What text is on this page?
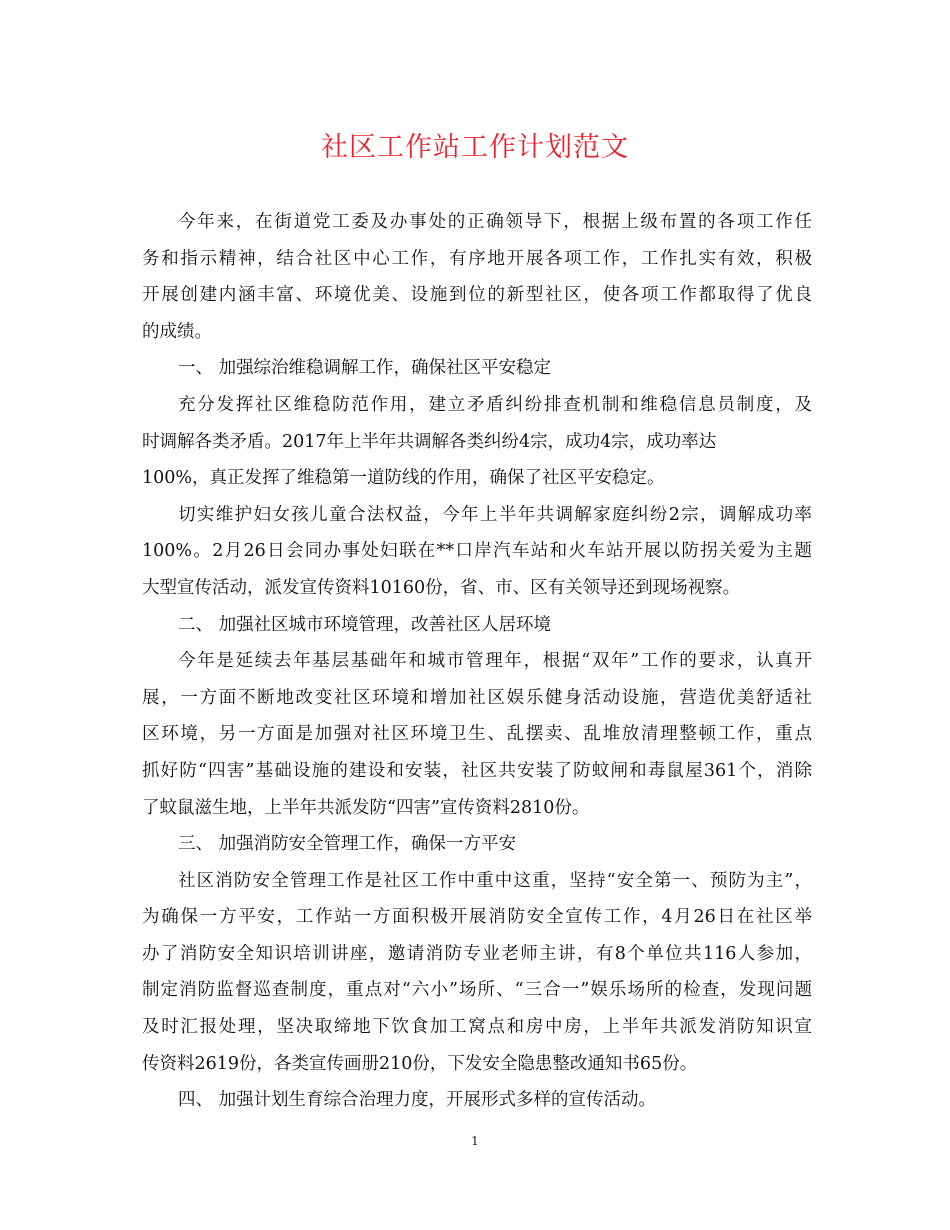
社区工作站工作计划范文
今年来，在街道党工委及办事处的正确领导下，根据上级布置的各项工作任
务和指示精神，结合社区中心工作，有序地开展各项工作，工作扎实有效，积极
开展创建内涵丰富、环境优美、设施到位的新型社区，使各项工作都取得了优良
的成绩。
一、 加强综治维稳调解工作，确保社区平安稳定
充分发挥社区维稳防范作用，建立矛盾纠纷排查机制和维稳信息员制度，及
时调解各类矛盾。2017年上半年共调解各类纠纷4宗，成功4宗，成功率达
100%，真正发挥了维稳第一道防线的作用，确保了社区平安稳定。
切实维护妇女孩儿童合法权益，今年上半年共调解家庭纠纷2宗，调解成功率
100%。2月26日会同办事处妇联在**口岸汽车站和火车站开展以防拐关爱为主题
大型宣传活动，派发宣传资料10160份，省、市、区有关领导还到现场视察。
二、 加强社区城市环境管理，改善社区人居环境
今年是延续去年基层基础年和城市管理年，根据“双年”工作的要求，认真开
展，一方面不断地改变社区环境和增加社区娱乐健身活动设施，营造优美舒适社
区环境，另一方面是加强对社区环境卫生、乱摆卖、乱堆放清理整顿工作，重点
抓好防“四害”基础设施的建设和安装，社区共安装了防蚊闸和毒鼠屋361个，消除
了蚊鼠滋生地，上半年共派发防“四害”宣传资料2810份。
三、 加强消防安全管理工作，确保一方平安
社区消防安全管理工作是社区工作中重中这重，坚持“安全第一、预防为主”，
为确保一方平安，工作站一方面积极开展消防安全宣传工作，4月26日在社区举
办了消防安全知识培训讲座，邀请消防专业老师主讲，有8个单位共116人参加，
制定消防监督巡查制度，重点对“六小”场所、“三合一”娱乐场所的检查，发现问题
及时汇报处理，坚决取缔地下饮食加工窝点和房中房，上半年共派发消防知识宣
传资料2619份，各类宣传画册210份，下发安全隐患整改通知书65份。
四、 加强计划生育综合治理力度，开展形式多样的宣传活动。
1
